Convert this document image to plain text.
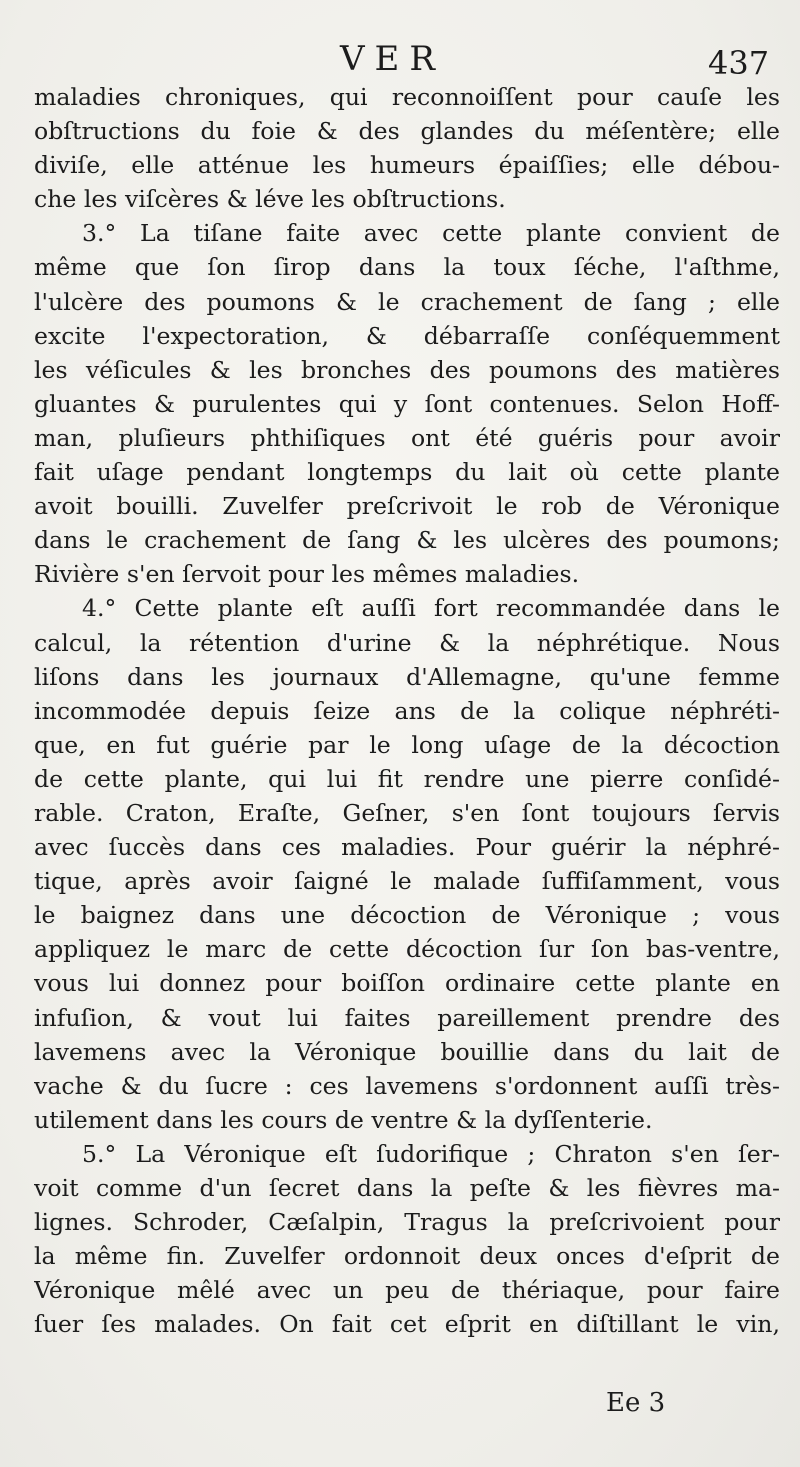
VER	437
maladies chroniques, qui reconnoiſſent pour cauſe les
obſtructions du foie & des glandes du méſentère; elle
diviſe, elle atténue les humeurs épaiſſies; elle débou-
che les viſcères & léve les obſtructions.
3.° La tiſane faite avec cette plante convient de
même que ſon ſirop dans la toux ſéche, l'aſthme,
l'ulcère des poumons & le crachement de ſang ; elle
excite l'expectoration, & débarraſſe conſéquemment
les véſicules & les bronches des poumons des matières
gluantes & purulentes qui y ſont contenues. Selon Hoff-
man, pluſieurs phthiſiques ont été guéris pour avoir
fait uſage pendant longtemps du lait où cette plante
avoit bouilli. Zuvelfer preſcrivoit le rob de Véronique
dans le crachement de ſang & les ulcères des poumons;
Rivière s'en ſervoit pour les mêmes maladies.
4.° Cette plante eſt auſſi fort recommandée dans le
calcul, la rétention d'urine & la néphrétique. Nous
liſons dans les journaux d'Allemagne, qu'une femme
incommodée depuis ſeize ans de la colique néphréti-
que, en fut guérie par le long uſage de la décoction
de cette plante, qui lui fit rendre une pierre conſidé-
rable. Craton, Eraſte, Geſner, s'en ſont toujours ſervis
avec ſuccès dans ces maladies. Pour guérir la néphré-
tique, après avoir ſaigné le malade ſuffiſamment, vous
le baignez dans une décoction de Véronique ; vous
appliquez le marc de cette décoction ſur ſon bas-ventre,
vous lui donnez pour boiſſon ordinaire cette plante en
infuſion, & vout lui faites pareillement prendre des
lavemens avec la Véronique bouillie dans du lait de
vache & du ſucre : ces lavemens s'ordonnent auſſi très-
utilement dans les cours de ventre & la dyſſenterie.
5.° La Véronique eſt ſudorifique ; Chraton s'en ſer-
voit comme d'un ſecret dans la peſte & les fièvres ma-
lignes. Schroder, Cæſalpin, Tragus la preſcrivoient pour
la même fin. Zuvelfer ordonnoit deux onces d'eſprit de
Véronique mêlé avec un peu de thériaque, pour faire
ſuer ſes malades. On fait cet eſprit en diſtillant le vin,
Ee 3
